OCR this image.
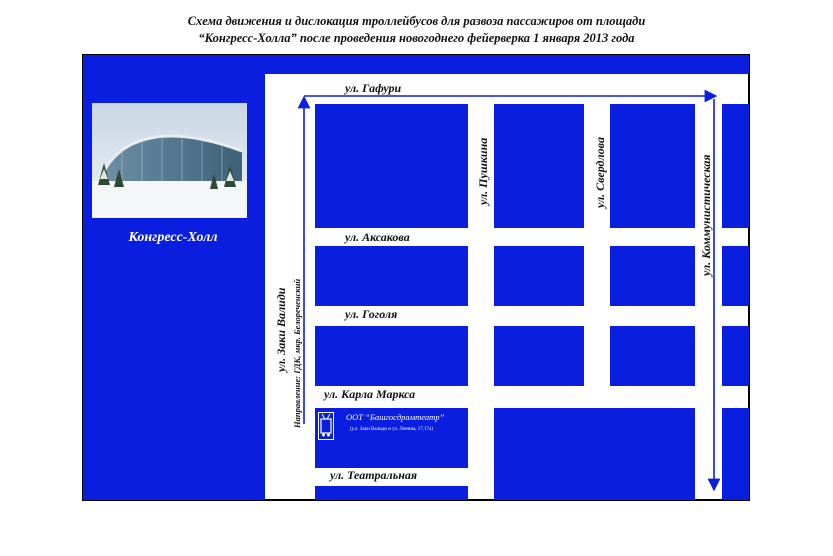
Схема движения и дислокация троллейбусов для развоза пассажиров от площади
“Конгресс-Холла” после проведения новогоднего фейерверка 1 января 2013 года
ул. Гафури
ул. Аксакова
ул. Гоголя
ул. Карла Маркса
ул. Театральная
ул. Заки Валиди Направление: ГДК, мкр. Белореченский
ул. Пушкина	ул. Свердлова	ул. Коммунистическая
Конгресс-Холл
ООТ “Башгосдрамтеатр”
(у.л. Заки Валиди и ул. Ленина, 17,17а)
